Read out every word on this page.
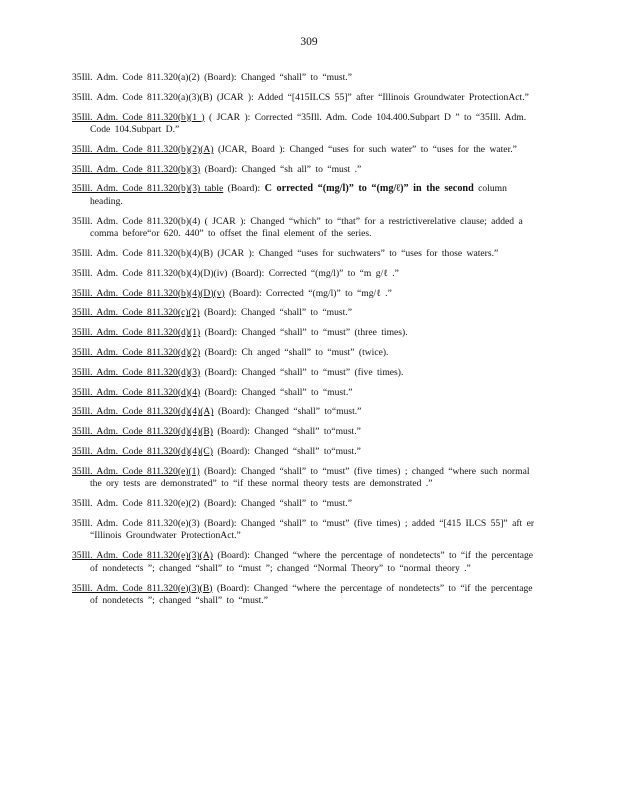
309

35Ill. Adm. Code 811.320(a)(2) (Board): Changed “shall” to “must.”

35Ill. Adm. Code 811.320(a)(3)(B) (JCAR ): Added “[415ILCS 55]” after “Illinois Groundwater ProtectionAct.”

35Ill. Adm. Code 811.320(b)(1 ) ( JCAR ): Corrected “35Ill. Adm. Code 104.400.Subpart D ” to “35Ill. Adm. Code 104.Subpart D.”

35Ill. Adm. Code 811.320(b)(2)(A) (JCAR, Board ): Changed “uses for such water” to “uses for the water.”

35Ill. Adm. Code 811.320(b)(3) (Board): Changed “sh all” to “must .”

35Ill. Adm. Code 811.320(b)(3) table (Board): C orrected “(mg/l)” to “(mg/ℓ)” in the second column heading.

35Ill. Adm. Code 811.320(b)(4) ( JCAR ): Changed “which” to “that” for a restrictiverelative clause; added a comma before“or 620. 440” to offset the final element of the series.

35Ill. Adm. Code 811.320(b)(4)(B) (JCAR ): Changed “uses for suchwaters” to “uses for those waters.”

35Ill. Adm. Code 811.320(b)(4)(D)(iv) (Board): Corrected “(mg/l)” to “m g/ℓ .”

35Ill. Adm. Code 811.320(b)(4)(D)(v) (Board): Corrected “(mg/l)” to “mg/ℓ .”

35Ill. Adm. Code 811.320(c)(2) (Board): Changed “shall” to “must.”

35Ill. Adm. Code 811.320(d)(1) (Board): Changed “shall” to “must” (three times).

35Ill. Adm. Code 811.320(d)(2) (Board): Ch anged “shall” to “must” (twice).

35Ill. Adm. Code 811.320(d)(3) (Board): Changed “shall” to “must” (five times).

35Ill. Adm. Code 811.320(d)(4) (Board): Changed “shall” to “must.”

35Ill. Adm. Code 811.320(d)(4)(A) (Board): Changed “shall” to“must.”

35Ill. Adm. Code 811.320(d)(4)(B) (Board): Changed “shall” to“must.”

35Ill. Adm. Code 811.320(d)(4)(C) (Board): Changed “shall” to“must.”

35Ill. Adm. Code 811.320(e)(1) (Board): Changed “shall” to “must” (five times) ; changed “where such normal the ory tests are demonstrated” to “if these normal theory tests are demonstrated .”

35Ill. Adm. Code 811.320(e)(2) (Board): Changed “shall” to “must.”

35Ill. Adm. Code 811.320(e)(3) (Board): Changed “shall” to “must” (five times) ; added “[415 ILCS 55]” aft er “Illinois Groundwater ProtectionAct.”

35Ill. Adm. Code 811.320(e)(3)(A) (Board): Changed “where the percentage of nondetects” to “if the percentage of nondetects ”; changed “shall” to “must ”; changed “Normal Theory” to “normal theory .”

35Ill. Adm. Code 811.320(e)(3)(B) (Board): Changed “where the percentage of nondetects” to “if the percentage of nondetects ”; changed “shall” to “must.”
